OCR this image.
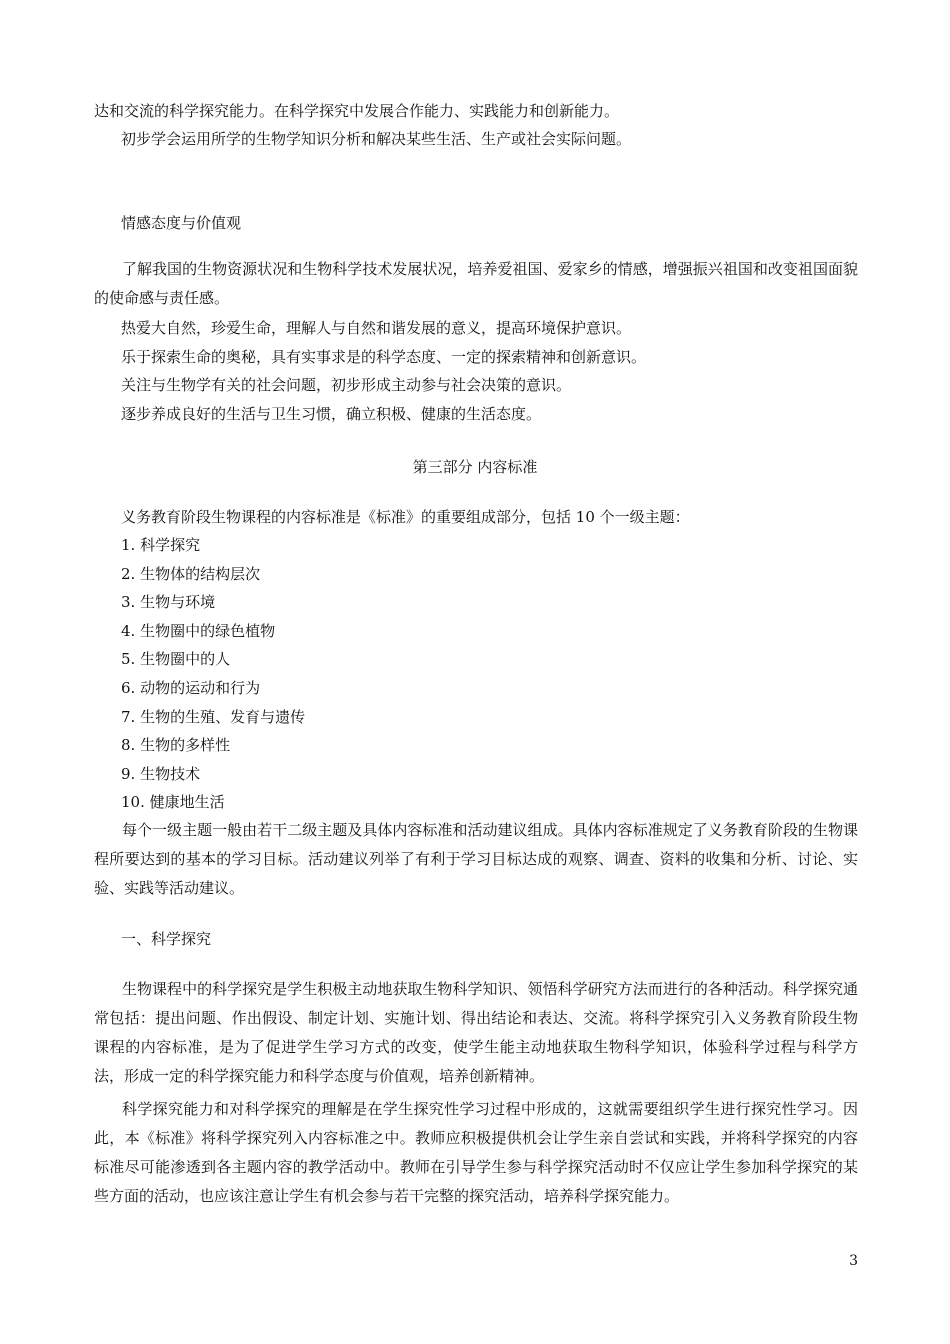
达和交流的科学探究能力。在科学探究中发展合作能力、实践能力和创新能力。
初步学会运用所学的生物学知识分析和解决某些生活、生产或社会实际问题。
情感态度与价值观
了解我国的生物资源状况和生物科学技术发展状况，培养爱祖国、爱家乡的情感，增强振兴祖国和改变祖国面貌的使命感与责任感。
热爱大自然，珍爱生命，理解人与自然和谐发展的意义，提高环境保护意识。
乐于探索生命的奥秘，具有实事求是的科学态度、一定的探索精神和创新意识。
关注与生物学有关的社会问题，初步形成主动参与社会决策的意识。
逐步养成良好的生活与卫生习惯，确立积极、健康的生活态度。
第三部分 内容标准
义务教育阶段生物课程的内容标准是《标准》的重要组成部分，包括 10 个一级主题：
1. 科学探究
2. 生物体的结构层次
3. 生物与环境
4. 生物圈中的绿色植物
5. 生物圈中的人
6. 动物的运动和行为
7. 生物的生殖、发育与遗传
8. 生物的多样性
9. 生物技术
10. 健康地生活
每个一级主题一般由若干二级主题及具体内容标准和活动建议组成。具体内容标准规定了义务教育阶段的生物课程所要达到的基本的学习目标。活动建议列举了有利于学习目标达成的观察、调查、资料的收集和分析、讨论、实验、实践等活动建议。
一、科学探究
生物课程中的科学探究是学生积极主动地获取生物科学知识、领悟科学研究方法而进行的各种活动。科学探究通常包括：提出问题、作出假设、制定计划、实施计划、得出结论和表达、交流。将科学探究引入义务教育阶段生物课程的内容标准，是为了促进学生学习方式的改变，使学生能主动地获取生物科学知识，体验科学过程与科学方法，形成一定的科学探究能力和科学态度与价值观，培养创新精神。
科学探究能力和对科学探究的理解是在学生探究性学习过程中形成的，这就需要组织学生进行探究性学习。因此，本《标准》将科学探究列入内容标准之中。教师应积极提供机会让学生亲自尝试和实践，并将科学探究的内容标准尽可能渗透到各主题内容的教学活动中。教师在引导学生参与科学探究活动时不仅应让学生参加科学探究的某些方面的活动，也应该注意让学生有机会参与若干完整的探究活动，培养科学探究能力。
3
